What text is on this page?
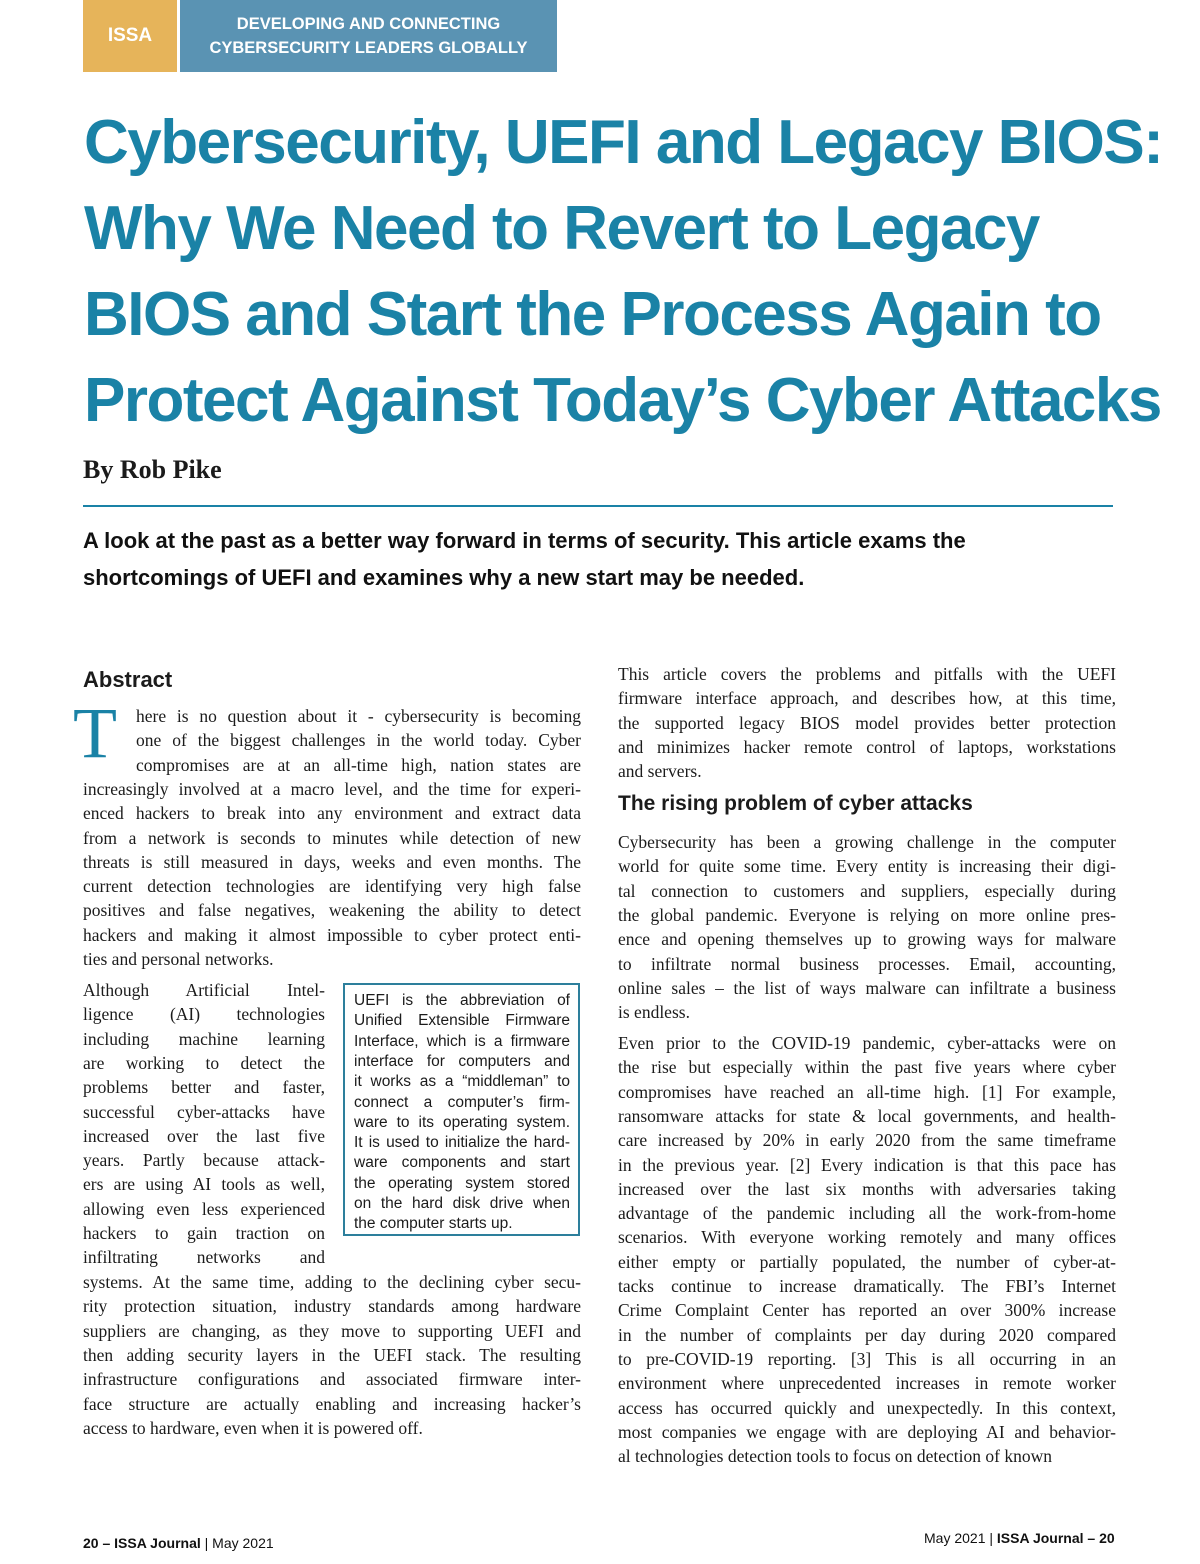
ISSA
DEVELOPING AND CONNECTING
CYBERSECURITY LEADERS GLOBALLY
Cybersecurity, UEFI and Legacy BIOS:
Why We Need to Revert to Legacy
BIOS and Start the Process Again to
Protect Against Today’s Cyber Attacks
By Rob Pike
A look at the past as a better way forward in terms of security. This article exams the
shortcomings of UEFI and examines why a new start may be needed.
Abstract
T here is no question about it - cybersecurity is becoming
one of the biggest challenges in the world today. Cyber
compromises are at an all-time high, nation states are
increasingly involved at a macro level, and the time for experi-
enced hackers to break into any environment and extract data
from a network is seconds to minutes while detection of new
threats is still measured in days, weeks and even months. The
current detection technologies are identifying very high false
positives and false negatives, weakening the ability to detect
hackers and making it almost impossible to cyber protect enti-
ties and personal networks.
Although Artificial Intel-
ligence (AI) technologies
including machine learning
are working to detect the
problems better and faster,
successful cyber-attacks have
increased over the last five
years. Partly because attack-
ers are using AI tools as well,
allowing even less experienced
hackers to gain traction on
infiltrating networks and
systems. At the same time, adding to the declining cyber secu-
rity protection situation, industry standards among hardware
suppliers are changing, as they move to supporting UEFI and
then adding security layers in the UEFI stack. The resulting
infrastructure configurations and associated firmware inter-
face structure are actually enabling and increasing hacker’s
access to hardware, even when it is powered off.
This article covers the problems and pitfalls with the UEFI
firmware interface approach, and describes how, at this time,
the supported legacy BIOS model provides better protection
and minimizes hacker remote control of laptops, workstations
and servers.
Cybersecurity has been a growing challenge in the computer
world for quite some time. Every entity is increasing their digi-
tal connection to customers and suppliers, especially during
the global pandemic. Everyone is relying on more online pres-
ence and opening themselves up to growing ways for malware
to infiltrate normal business processes. Email, accounting,
online sales – the list of ways malware can infiltrate a business
is endless.
Even prior to the COVID-19 pandemic, cyber-attacks were on
the rise but especially within the past five years where cyber
compromises have reached an all-time high. [1] For example,
ransomware attacks for state & local governments, and health-
care increased by 20% in early 2020 from the same timeframe
in the previous year. [2] Every indication is that this pace has
increased over the last six months with adversaries taking
advantage of the pandemic including all the work-from-home
scenarios. With everyone working remotely and many offices
either empty or partially populated, the number of cyber-at-
tacks continue to increase dramatically. The FBI’s Internet
Crime Complaint Center has reported an over 300% increase
in the number of complaints per day during 2020 compared
to pre-COVID-19 reporting. [3] This is all occurring in an
environment where unprecedented increases in remote worker
access has occurred quickly and unexpectedly. In this context,
most companies we engage with are deploying AI and behavior-
al technologies detection tools to focus on detection of known
The rising problem of cyber attacks
UEFI is the abbreviation of
Unified Extensible Firmware
Interface, which is a firmware
interface for computers and
it works as a “middleman” to
connect a computer’s firm-
ware to its operating system.
It is used to initialize the hard-
ware components and start
the operating system stored
on the hard disk drive when
the computer starts up.
20 – ISSA Journal | May 2021	May 2021 | ISSA Journal – 20
